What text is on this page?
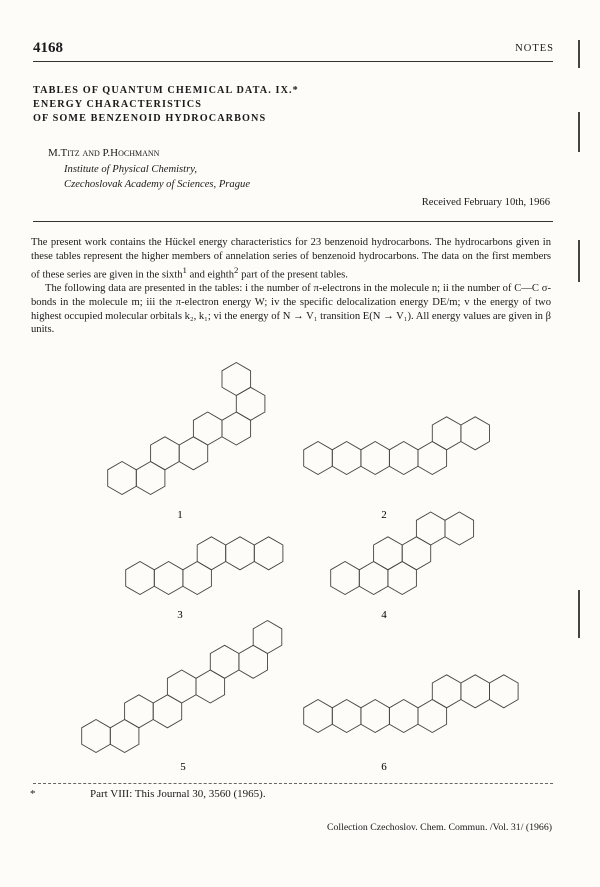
4168	NOTES
TABLES OF QUANTUM CHEMICAL DATA. IX.*
ENERGY CHARACTERISTICS
OF SOME BENZENOID HYDROCARBONS
M.Titz and P.Hochmann
Institute of Physical Chemistry,
Czechoslovak Academy of Sciences, Prague
Received February 10th, 1966

The present work contains the Hückel energy characteristics for 23 benzenoid hydrocarbons. The hydrocarbons given in these tables represent the higher members of annelation series of benzenoid hydrocarbons. The data on the first members of these series are given in the sixth$^1$ and eighth$^2$ part of the present tables.

The following data are presented in the tables: i the number of π-electrons in the molecule n; ii the number of C—C σ-bonds in the molecule m; iii the π-electron energy W; iv the specific delocalization energy DE/m; v the energy of two highest occupied molecular orbitals k₂, k₁; vi the energy of N → V₁ transition E(N → V₁). All energy values are given in β units.

1	2
3	4
5	6
*	Part VIII: This Journal 30, 3560 (1965).
Collection Czechoslov. Chem. Commun. /Vol. 31/ (1966)
